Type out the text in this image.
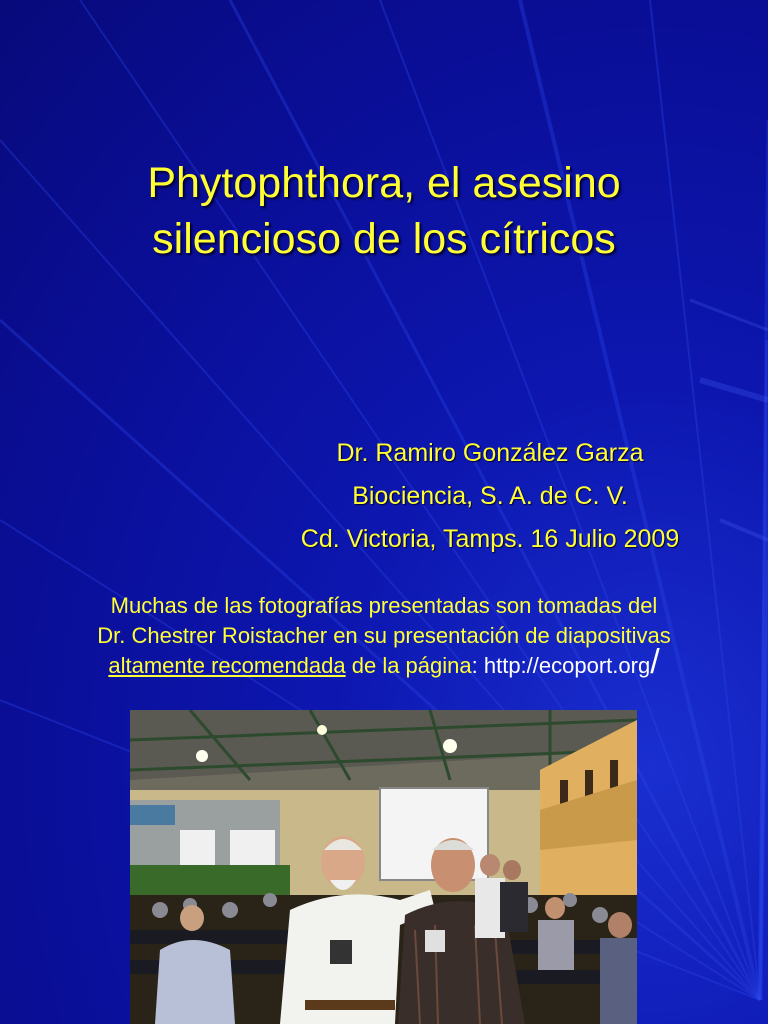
Phytophthora, el asesino
silencioso de los cítricos
Dr. Ramiro González Garza
Biociencia, S. A. de C. V.
Cd. Victoria, Tamps. 16 Julio 2009
Muchas de las fotografías presentadas son tomadas del
Dr. Chestrer Roistacher en su presentación de diapositivas
altamente recomendada de la página: http://ecoport.org/
